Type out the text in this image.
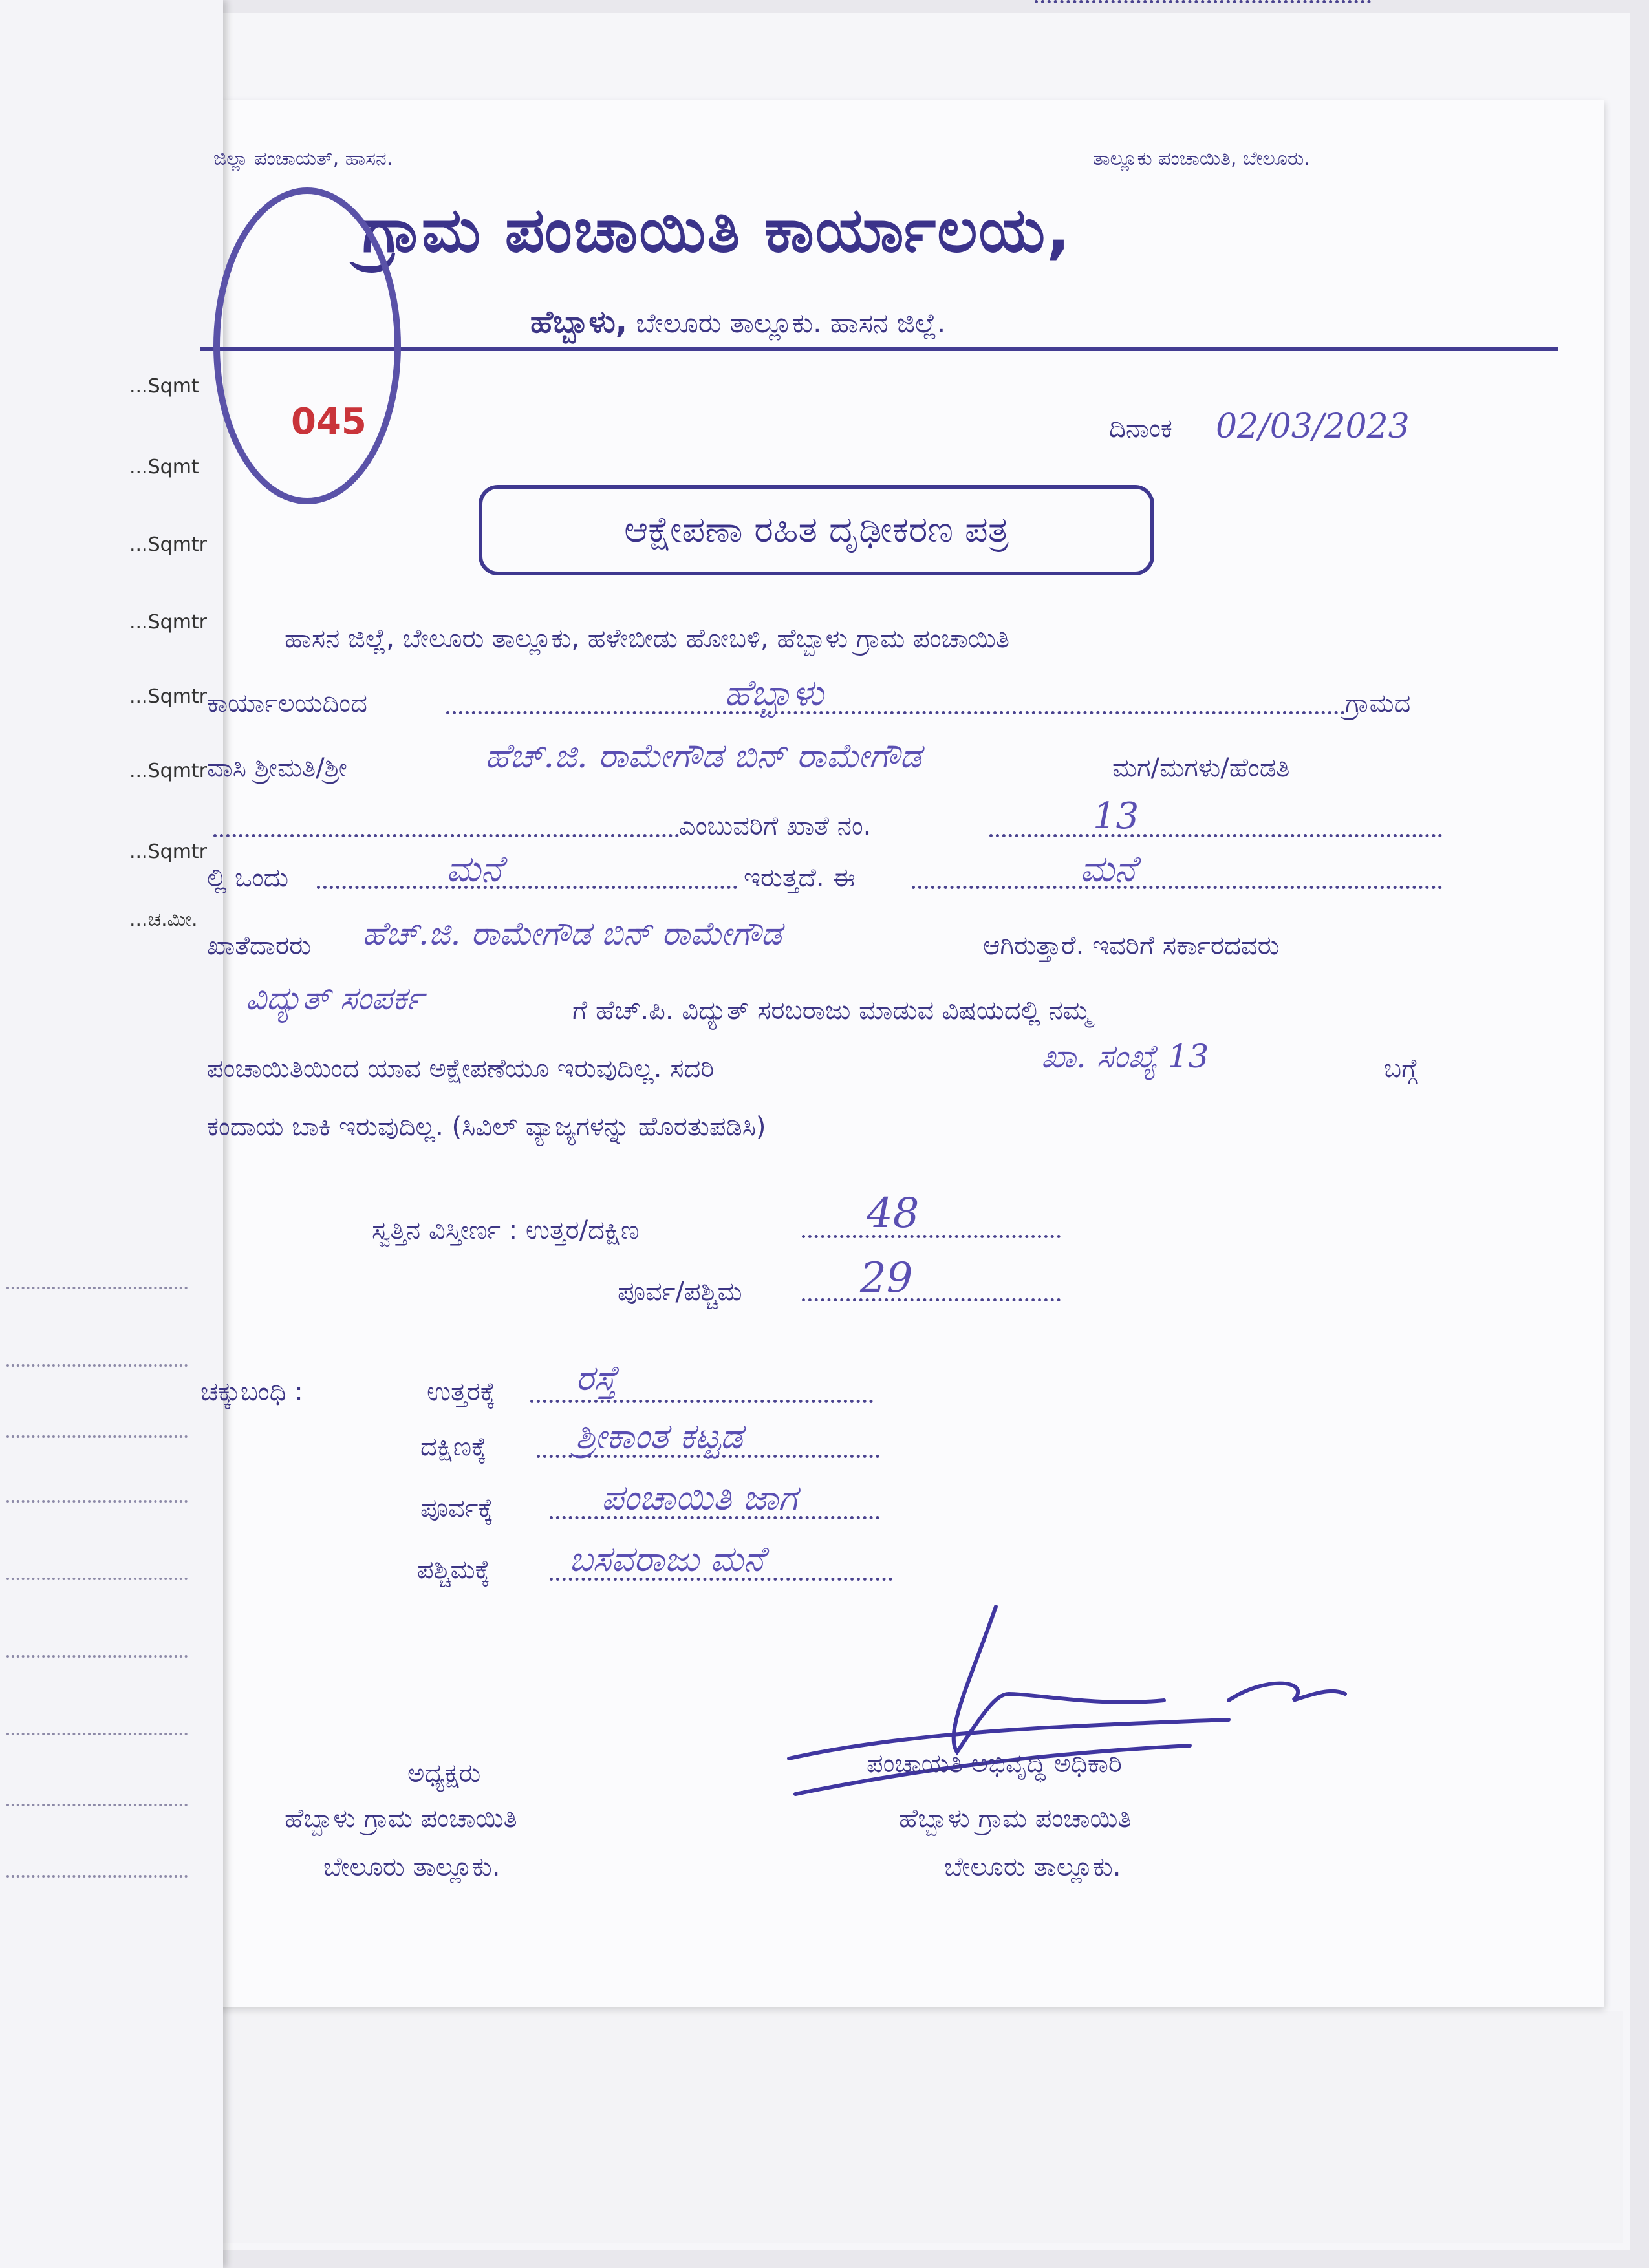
...Sqmt
...Sqmt
...Sqmtr
...Sqmtr
...Sqmtr
...Sqmtr
...Sqmtr
...ಚ.ಮೀ.
ಜಿಲ್ಲಾ ಪಂಚಾಯತ್, ಹಾಸನ.	ತಾಲ್ಲೂಕು ಪಂಚಾಯಿತಿ, ಬೇಲೂರು.
ಗ್ರಾಮ ಪಂಚಾಯಿತಿ ಕಾರ್ಯಾಲಯ,
ಹೆಬ್ಬಾಳು, ಬೇಲೂರು ತಾಲ್ಲೂಕು. ಹಾಸನ ಜಿಲ್ಲೆ.
045	ದಿನಾಂಕ 02/03/2023
ಆಕ್ಷೇಪಣಾ ರಹಿತ ದೃಢೀಕರಣ ಪತ್ರ
ಹಾಸನ ಜಿಲ್ಲೆ, ಬೇಲೂರು ತಾಲ್ಲೂಕು, ಹಳೇಬೀಡು ಹೋಬಳಿ, ಹೆಬ್ಬಾಳು ಗ್ರಾಮ ಪಂಚಾಯಿತಿ
ಕಾರ್ಯಾಲಯದಿಂದ	ಹೆಬ್ಬಾಳು	ಗ್ರಾಮದ
ವಾಸಿ ಶ್ರೀಮತಿ/ಶ್ರೀ	ಹೆಚ್.ಜಿ. ರಾಮೇಗೌಡ ಬಿನ್ ರಾಮೇಗೌಡ	ಮಗ/ಮಗಳು/ಹೆಂಡತಿ
ಎಂಬುವರಿಗೆ ಖಾತೆ ನಂ.	13
ಲ್ಲಿ ಒಂದು	ಮನೆ	ಇರುತ್ತದೆ. ಈ	ಮನೆ
ಖಾತೆದಾರರು ಹೆಚ್.ಜಿ. ರಾಮೇಗೌಡ ಬಿನ್ ರಾಮೇಗೌಡ	ಆಗಿರುತ್ತಾರೆ. ಇವರಿಗೆ ಸರ್ಕಾರದವರು
ವಿದ್ಯುತ್ ಸಂಪರ್ಕ	ಗೆ ಹೆಚ್.ಪಿ. ವಿದ್ಯುತ್ ಸರಬರಾಜು ಮಾಡುವ ವಿಷಯದಲ್ಲಿ ನಮ್ಮ
ಪಂಚಾಯಿತಿಯಿಂದ ಯಾವ ಅಕ್ಷೇಪಣೆಯೂ ಇರುವುದಿಲ್ಲ. ಸದರಿ	ಖಾ. ಸಂಖ್ಯೆ 13	ಬಗ್ಗೆ
ಕಂದಾಯ ಬಾಕಿ ಇರುವುದಿಲ್ಲ. (ಸಿವಿಲ್ ವ್ಯಾಜ್ಯಗಳನ್ನು ಹೊರತುಪಡಿಸಿ)
ಸ್ವತ್ತಿನ ವಿಸ್ತೀರ್ಣ : ಉತ್ತರ/ದಕ್ಷಿಣ	48
ಪೂರ್ವ/ಪಶ್ಚಿಮ	29
ಚಕ್ಕುಬಂಧಿ :	ಉತ್ತರಕ್ಕೆ ರಸ್ತೆ
ದಕ್ಷಿಣಕ್ಕೆ	ಶ್ರೀಕಾಂತ ಕಟ್ಟಡ
ಪೂರ್ವಕ್ಕೆ	ಪಂಚಾಯಿತಿ ಜಾಗ
ಪಶ್ಚಿಮಕ್ಕೆ ಬಸವರಾಜು ಮನೆ
ಅಧ್ಯಕ್ಷರು
ಹೆಬ್ಬಾಳು ಗ್ರಾಮ ಪಂಚಾಯಿತಿ
ಬೇಲೂರು ತಾಲ್ಲೂಕು.
ಪಂಚಾಯತಿ ಅಭಿವೃದ್ಧಿ ಅಧಿಕಾರಿ
ಹೆಬ್ಬಾಳು ಗ್ರಾಮ ಪಂಚಾಯಿತಿ
ಬೇಲೂರು ತಾಲ್ಲೂಕು.
